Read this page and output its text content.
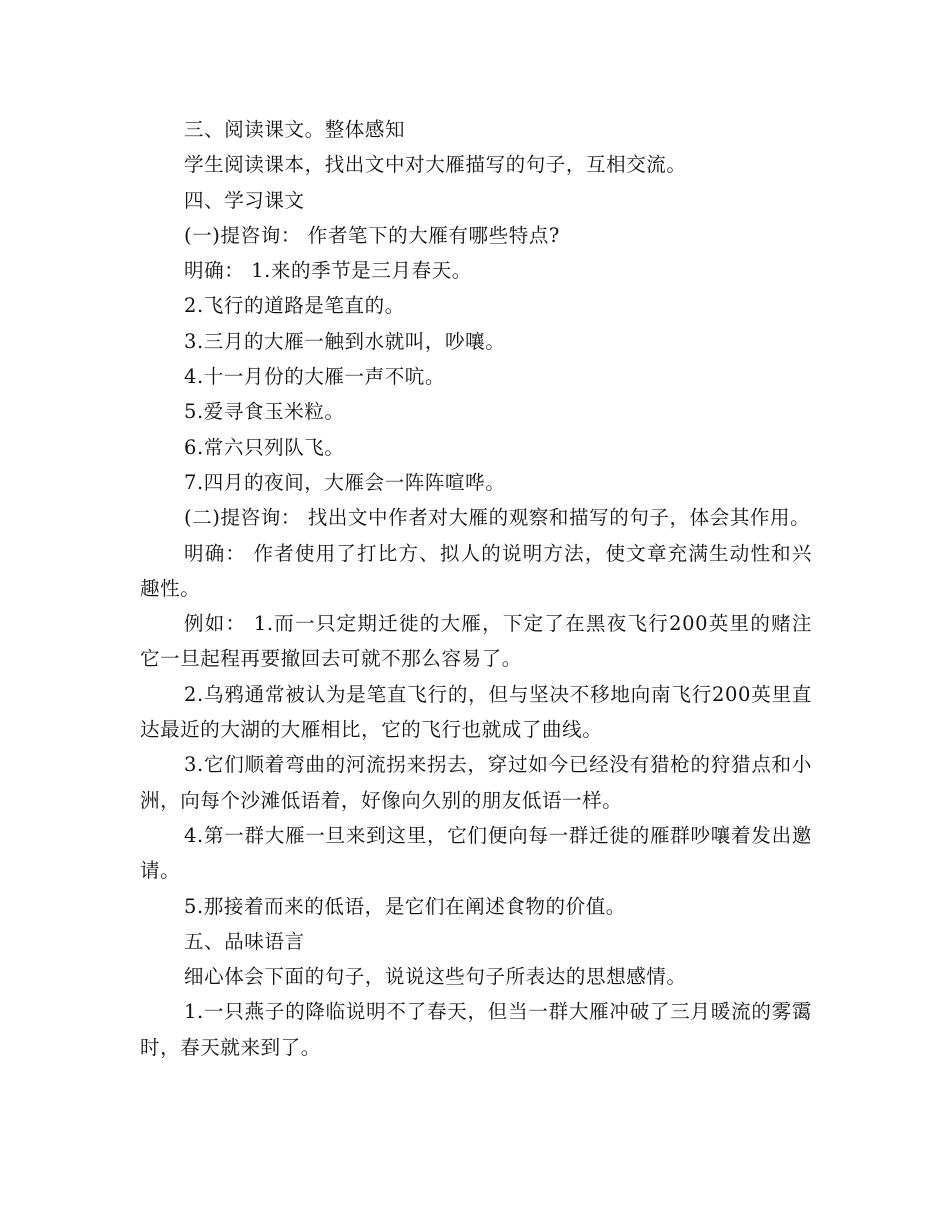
三、阅读课文。整体感知

学生阅读课本，找出文中对大雁描写的句子，互相交流。

四、学习课文

(一)提咨询： 作者笔下的大雁有哪些特点?

明确： 1.来的季节是三月春天。

2.飞行的道路是笔直的。

3.三月的大雁一触到水就叫，吵嚷。

4.十一月份的大雁一声不吭。

5.爱寻食玉米粒。

6.常六只列队飞。

7.四月的夜间，大雁会一阵阵喧哗。

(二)提咨询： 找出文中作者对大雁的观察和描写的句子，体会其作用。

明确： 作者使用了打比方、拟人的说明方法，使文章充满生动性和兴趣性。

例如： 1.而一只定期迁徙的大雁，下定了在黑夜飞行200英里的赌注它一旦起程再要撤回去可就不那么容易了。

2.乌鸦通常被认为是笔直飞行的，但与坚决不移地向南飞行200英里直达最近的大湖的大雁相比，它的飞行也就成了曲线。

3.它们顺着弯曲的河流拐来拐去，穿过如今已经没有猎枪的狩猎点和小洲，向每个沙滩低语着，好像向久别的朋友低语一样。

4.第一群大雁一旦来到这里，它们便向每一群迁徙的雁群吵嚷着发出邀请。

5.那接着而来的低语，是它们在阐述食物的价值。

五、品味语言

细心体会下面的句子，说说这些句子所表达的思想感情。

1.一只燕子的降临说明不了春天，但当一群大雁冲破了三月暖流的雾霭时，春天就来到了。
